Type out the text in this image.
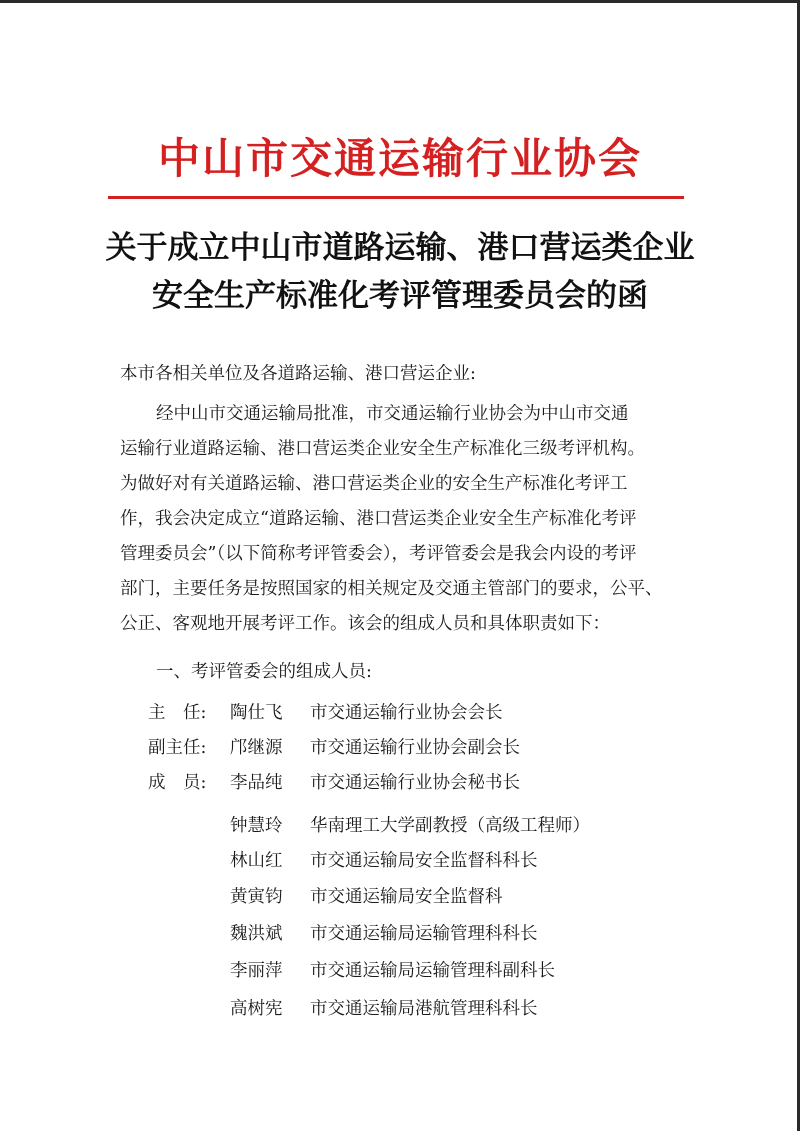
中山市交通运输行业协会
关于成立中山市道路运输、港口营运类企业
安全生产标准化考评管理委员会的函
本市各相关单位及各道路运输、港口营运企业:
经中山市交通运输局批准，市交通运输行业协会为中山市交通
运输行业道路运输、港口营运类企业安全生产标准化三级考评机构。
为做好对有关道路运输、港口营运类企业的安全生产标准化考评工
作，我会决定成立“道路运输、港口营运类企业安全生产标准化考评
管理委员会”（以下简称考评管委会），考评管委会是我会内设的考评
部门，主要任务是按照国家的相关规定及交通主管部门的要求，公平、
公正、客观地开展考评工作。该会的组成人员和具体职责如下：
一、考评管委会的组成人员:
主　任:	陶仕飞	市交通运输行业协会会长
副主任:	邝继源	市交通运输行业协会副会长
成　员:	李品纯	市交通运输行业协会秘书长
钟慧玲	华南理工大学副教授（高级工程师）
林山红	市交通运输局安全监督科科长
黄寅钧	市交通运输局安全监督科
魏洪斌	市交通运输局运输管理科科长
李丽萍	市交通运输局运输管理科副科长
高树宪	市交通运输局港航管理科科长
